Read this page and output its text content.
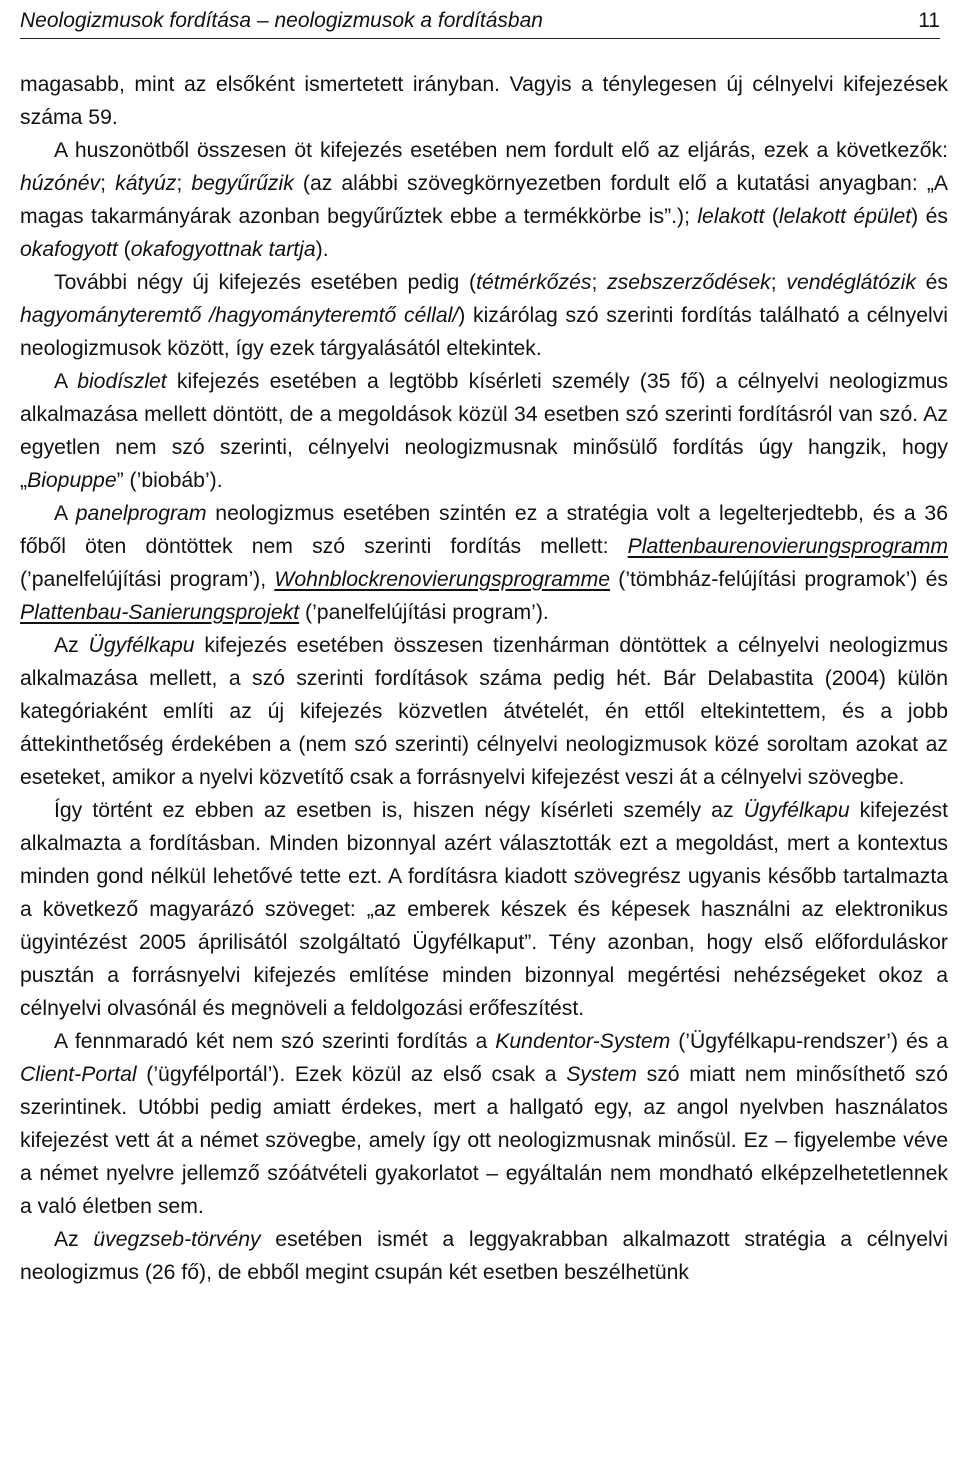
Neologizmusok fordítása – neologizmusok a fordításban	11

magasabb, mint az elsőként ismertetett irányban. Vagyis a ténylegesen új célnyelvi kifejezések száma 59.

A huszonötből összesen öt kifejezés esetében nem fordult elő az eljárás, ezek a következők: húzónév; kátyúz; begyűrűzik (az alábbi szövegkörnyezetben fordult elő a kutatási anyagban: „A magas takarmányárak azonban begyűrűztek ebbe a termékkörbe is”.); lelakott (lelakott épület) és okafogyott (okafogyottnak tartja).

További négy új kifejezés esetében pedig (tétmérkőzés; zsebszerződések; vendéglátózik és hagyományteremtő /hagyományteremtő céllal/) kizárólag szó szerinti fordítás található a célnyelvi neologizmusok között, így ezek tárgyalásától eltekintek.

A biodíszlet kifejezés esetében a legtöbb kísérleti személy (35 fő) a célnyelvi neologizmus alkalmazása mellett döntött, de a megoldások közül 34 esetben szó szerinti fordításról van szó. Az egyetlen nem szó szerinti, célnyelvi neologizmusnak minősülő fordítás úgy hangzik, hogy „Biopuppe” (’biobáb’).

A panelprogram neologizmus esetében szintén ez a stratégia volt a legelterjedtebb, és a 36 főből öten döntöttek nem szó szerinti fordítás mellett: Plattenbaurenovierungsprogramm (’panelfelújítási program’), Wohnblockrenovierungsprogramme (’tömbház-felújítási programok’) és Plattenbau-Sanierungsprojekt (’panelfelújítási program’).

Az Ügyfélkapu kifejezés esetében összesen tizenhárman döntöttek a célnyelvi neologizmus alkalmazása mellett, a szó szerinti fordítások száma pedig hét. Bár Delabastita (2004) külön kategóriaként említi az új kifejezés közvetlen átvételét, én ettől eltekintettem, és a jobb áttekinthetőség érdekében a (nem szó szerinti) célnyelvi neologizmusok közé soroltam azokat az eseteket, amikor a nyelvi közvetítő csak a forrásnyelvi kifejezést veszi át a célnyelvi szövegbe.

Így történt ez ebben az esetben is, hiszen négy kísérleti személy az Ügyfélkapu kifejezést alkalmazta a fordításban. Minden bizonnyal azért választották ezt a megoldást, mert a kontextus minden gond nélkül lehetővé tette ezt. A fordításra kiadott szövegrész ugyanis később tartalmazta a következő magyarázó szöveget: „az emberek készek és képesek használni az elektronikus ügyintézést 2005 áprilisától szolgáltató Ügyfélkaput”. Tény azonban, hogy első előforduláskor pusztán a forrásnyelvi kifejezés említése minden bizonnyal megértési nehézségeket okoz a célnyelvi olvasónál és megnöveli a feldolgozási erőfeszítést.

A fennmaradó két nem szó szerinti fordítás a Kundentor-System (’Ügyfélkapu-rendszer’) és a Client-Portal (’ügyfélportál’). Ezek közül az első csak a System szó miatt nem minősíthető szó szerintinek. Utóbbi pedig amiatt érdekes, mert a hallgató egy, az angol nyelvben használatos kifejezést vett át a német szövegbe, amely így ott neologizmusnak minősül. Ez – figyelembe véve a német nyelvre jellemző szóátvételi gyakorlatot – egyáltalán nem mondható elképzelhetetlennek a való életben sem.

Az üvegzseb-törvény esetében ismét a leggyakrabban alkalmazott stratégia a célnyelvi neologizmus (26 fő), de ebből megint csupán két esetben beszélhetünk
